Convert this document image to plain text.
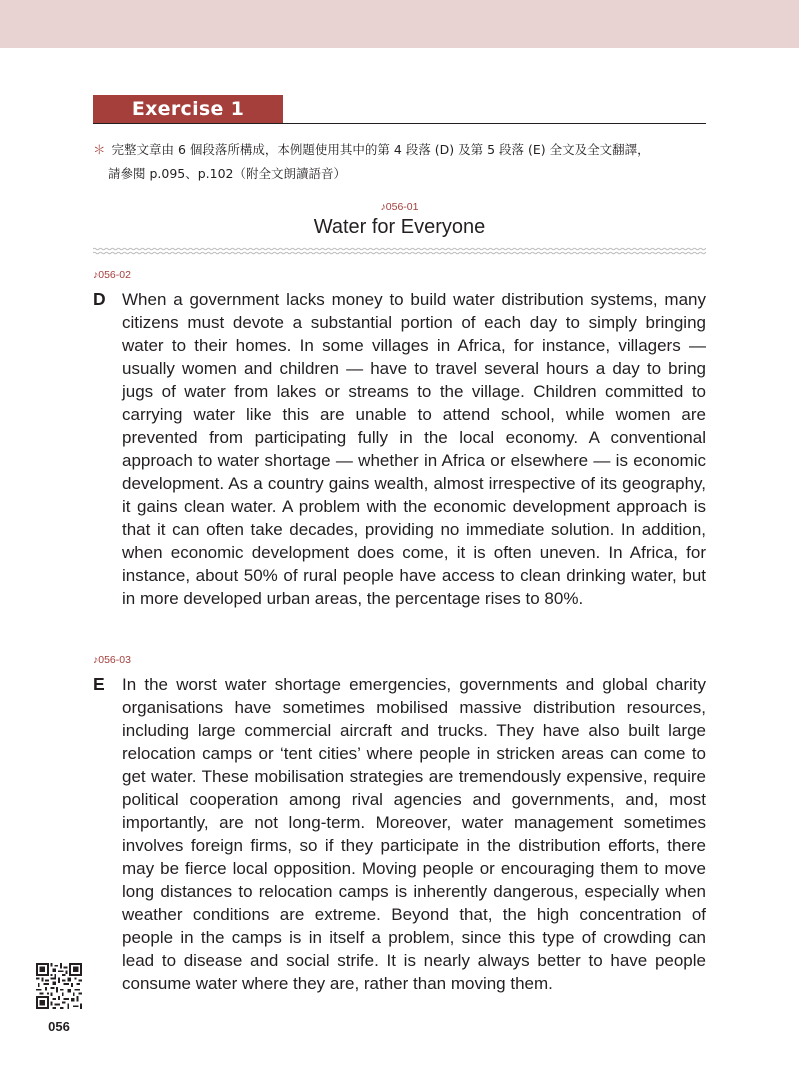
Exercise 1
＊ 完整文章由 6 個段落所構成，本例題使用其中的第 4 段落 (D) 及第 5 段落 (E) 全文及全文翻譯，
請參閱 p.095、p.102（附全文朗讀語音）
♪056-01
Water for Everyone
♪056-02
D When a government lacks money to build water distribution systems, many citizens must devote a substantial portion of each day to simply bringing water to their homes. In some villages in Africa, for instance, villagers — usually women and children — have to travel several hours a day to bring jugs of water from lakes or streams to the village. Children committed to carrying water like this are unable to attend school, while women are prevented from participating fully in the local economy. A conventional approach to water shortage — whether in Africa or elsewhere — is economic development. As a country gains wealth, almost irrespective of its geography, it gains clean water. A problem with the economic development approach is that it can often take decades, providing no immediate solution. In addition, when economic development does come, it is often uneven. In Africa, for instance, about 50% of rural people have access to clean drinking water, but in more developed urban areas, the percentage rises to 80%.

♪056-03
E In the worst water shortage emergencies, governments and global charity organisations have sometimes mobilised massive distribution resources, including large commercial aircraft and trucks. They have also built large relocation camps or ‘tent cities’ where people in stricken areas can come to get water. These mobilisation strategies are tremendously expensive, require political cooperation among rival agencies and governments, and, most importantly, are not long-term. Moreover, water management sometimes involves foreign firms, so if they participate in the distribution efforts, there may be fierce local opposition. Moving people or encouraging them to move long distances to relocation camps is inherently dangerous, especially when weather conditions are extreme. Beyond that, the high concentration of people in the camps is in itself a problem, since this type of crowding can lead to disease and social strife. It is nearly always better to have people consume water where they are, rather than moving them.

056
